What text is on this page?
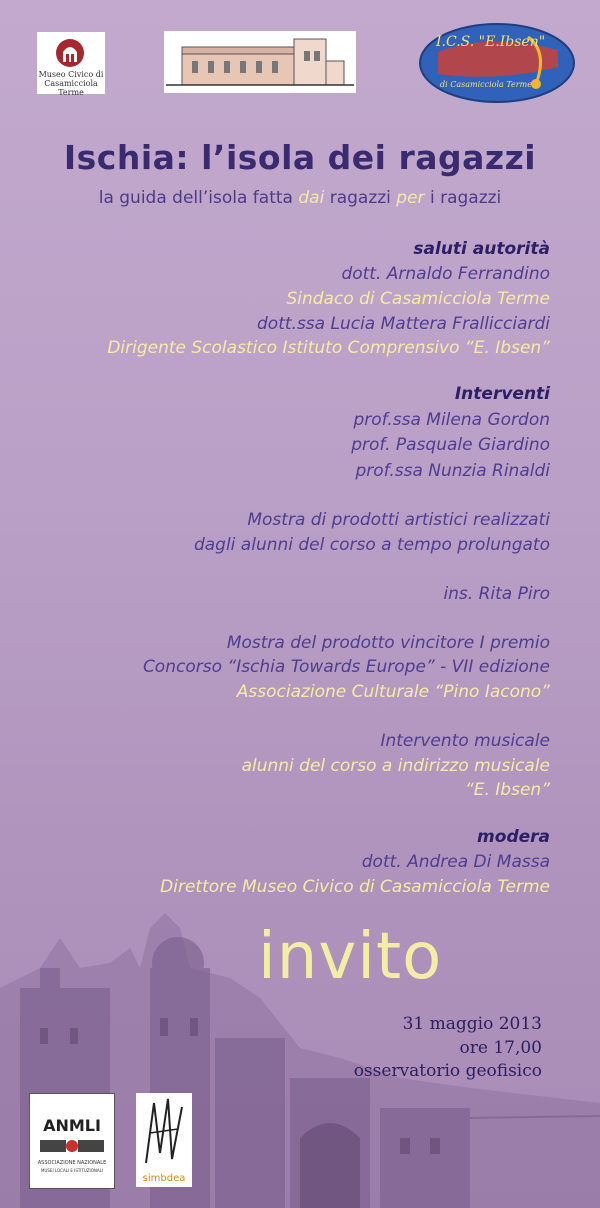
Museo Civico di
Casamicciola Terme
I.C.S. "E.Ibsen"
di Casamicciola Terme
Ischia: l’isola dei ragazzi
la guida dell’isola fatta dai ragazzi per i ragazzi
saluti autorità
dott. Arnaldo Ferrandino
Sindaco di Casamicciola Terme
dott.ssa Lucia Mattera Frallicciardi
Dirigente Scolastico Istituto Comprensivo “E. Ibsen”
Interventi
prof.ssa Milena Gordon
prof. Pasquale Giardino
prof.ssa Nunzia Rinaldi
Mostra di prodotti artistici realizzati
dagli alunni del corso a tempo prolungato
ins. Rita Piro
Mostra del prodotto vincitore I premio
Concorso “Ischia Towards Europe” - VII edizione
Associazione Culturale “Pino Iacono”
Intervento musicale
alunni del corso a indirizzo musicale
“E. Ibsen”
modera
dott. Andrea Di Massa
Direttore Museo Civico di Casamicciola Terme
invito
31 maggio 2013
ore 17,00
osservatorio geofisico
ANMLI
ASSOCIAZIONE NAZIONALE
MUSEI LOCALI E ISTITUZIONALI
simbdea
